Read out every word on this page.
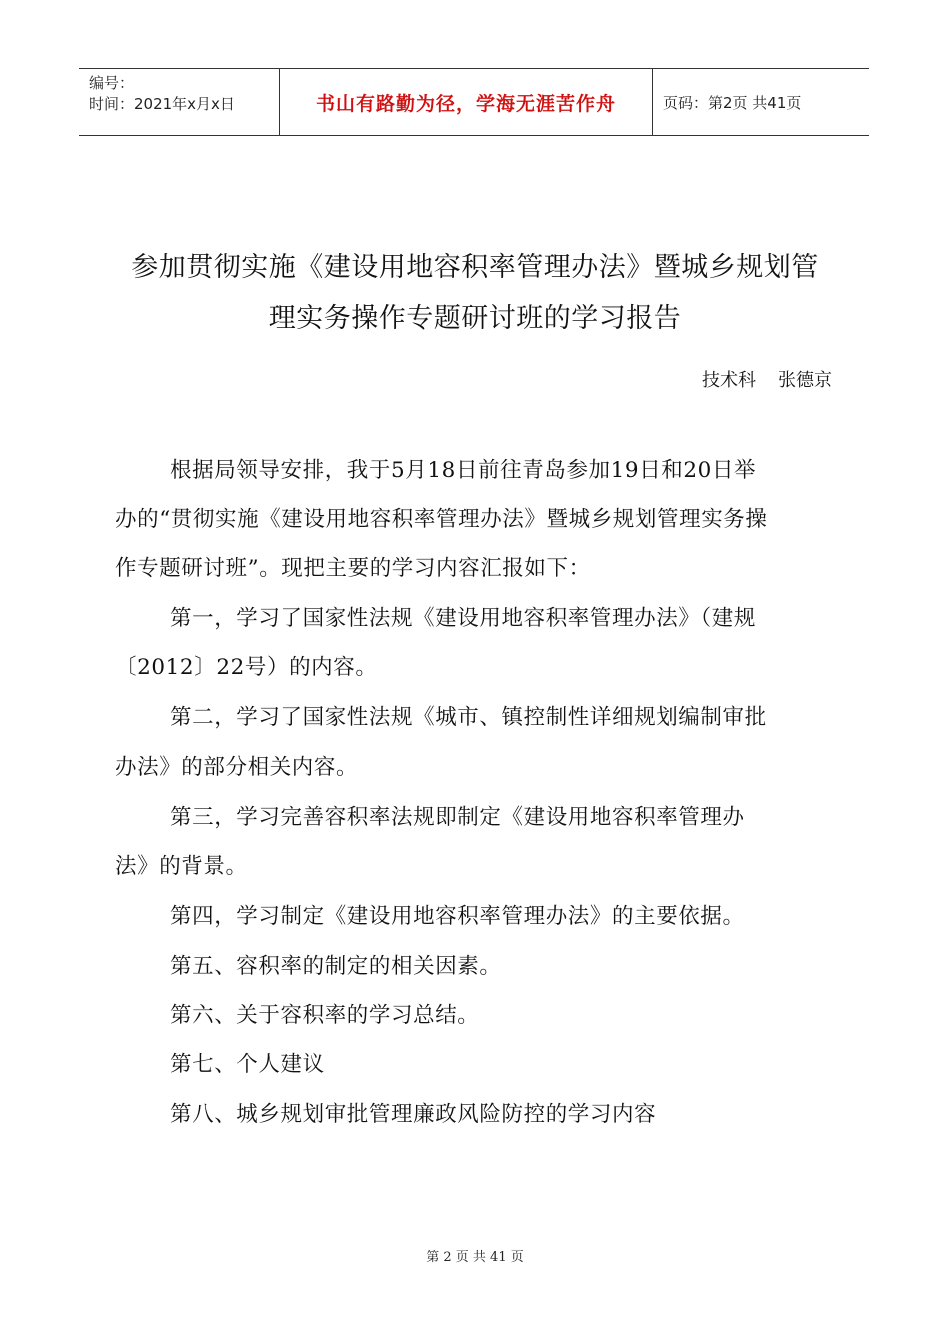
编号：
时间：2021年x月x日	书山有路勤为径，学海无涯苦作舟	页码：第2页 共41页
参加贯彻实施《建设用地容积率管理办法》暨城乡规划管
理实务操作专题研讨班的学习报告
技术科 张德京
根据局领导安排，我于5月18日前往青岛参加19日和20日举
办的“贯彻实施《建设用地容积率管理办法》暨城乡规划管理实务操
作专题研讨班”。现把主要的学习内容汇报如下：
第一，学习了国家性法规《建设用地容积率管理办法》（建规
〔2012〕22号）的内容。
第二，学习了国家性法规《城市、镇控制性详细规划编制审批
办法》的部分相关内容。
第三，学习完善容积率法规即制定《建设用地容积率管理办
法》的背景。
第四，学习制定《建设用地容积率管理办法》的主要依据。
第五、容积率的制定的相关因素。
第六、关于容积率的学习总结。
第七、个人建议
第八、城乡规划审批管理廉政风险防控的学习内容
第 2 页 共 41 页
